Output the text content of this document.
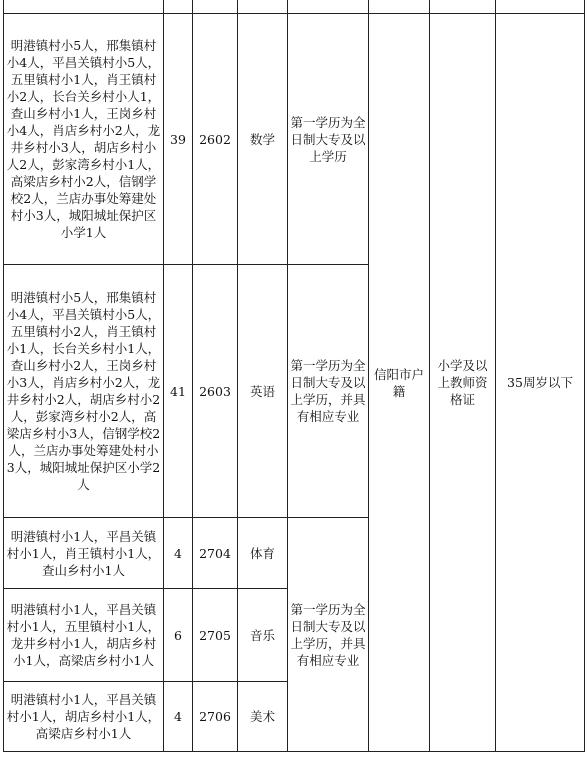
明港镇村小5人，邢集镇村小4人，平昌关镇村小5人，五里镇村小1人，肖王镇村小2人，长台关乡村小人1，查山乡村小1人，王岗乡村小4人，肖店乡村小2人，龙井乡村小3人，胡店乡村小人2人，彭家湾乡村小1人，高梁店乡村小2人，信钢学校2人，兰店办事处筹建处村小3人，城阳城址保护区小学1人	39	2602	数学	第一学历为全日制大专及以上学历	信阳市户籍	小学及以上教师资格证	35周岁以下
明港镇村小5人，邢集镇村小4人，平昌关镇村小5人，五里镇村小2人，肖王镇村小1人，长台关乡村小1人，查山乡村小2人，王岗乡村小3人，肖店乡村小2人，龙井乡村小2人，胡店乡村小2人，彭家湾乡村小2人，高梁店乡村小3人，信钢学校2人，兰店办事处筹建处村小3人，城阳城址保护区小学2人	41	2603	英语	第一学历为全日制大专及以上学历，并具有相应专业			
明港镇村小1人，平昌关镇村小1人，肖王镇村小1人，查山乡村小1人	4	2704	体育	第一学历为全日制大专及以上学历，并具有相应专业			
明港镇村小1人，平昌关镇村小1人，五里镇村小1人，龙井乡村小1人，胡店乡村小1人，高梁店乡村小1人	6	2705	音乐				
明港镇村小1人，平昌关镇村小1人，胡店乡村小1人，高梁店乡村小1人	4	2706	美术				
